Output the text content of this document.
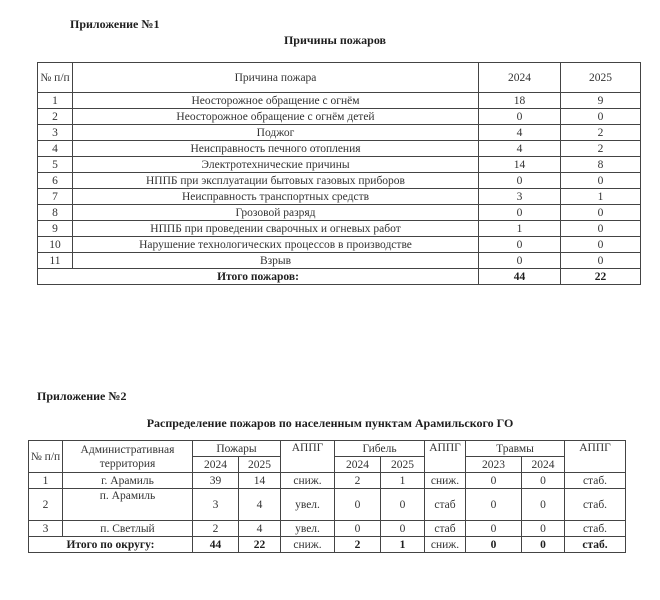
Приложение №1
Причины пожаров
№ п/п	Причина пожара	2024	2025
1	Неосторожное обращение с огнём	18	9
2	Неосторожное обращение с огнём детей	0	0
3	Поджог	4	2
4	Неисправность печного отопления	4	2
5	Электротехнические причины	14	8
6	НППБ при эксплуатации бытовых газовых приборов	0	0
7	Неисправность транспортных средств	3	1
8	Грозовой разряд	0	0
9	НППБ при проведении сварочных и огневых работ	1	0
10	Нарушение технологических процессов в производстве	0	0
11	Взрыв	0	0
Итого пожаров:		44	22
Приложение №2
Распределение пожаров по населенным пунктам Арамильского ГО
№ п/п	Административная территория	Пожары		АППГ	Гибель		АППГ	Травмы		АППГ
		2024	2025		2024	2025		2023	2024	
1	г. Арамиль	39	14	сниж.	2	1	сниж.	0	0	стаб.
2	п. Арамиль	3	4	увел.	0	0	стаб	0	0	стаб.
3	п. Светлый	2	4	увел.	0	0	стаб	0	0	стаб.
Итого по округу:		44	22	сниж.	2	1	сниж.	0	0	стаб.
